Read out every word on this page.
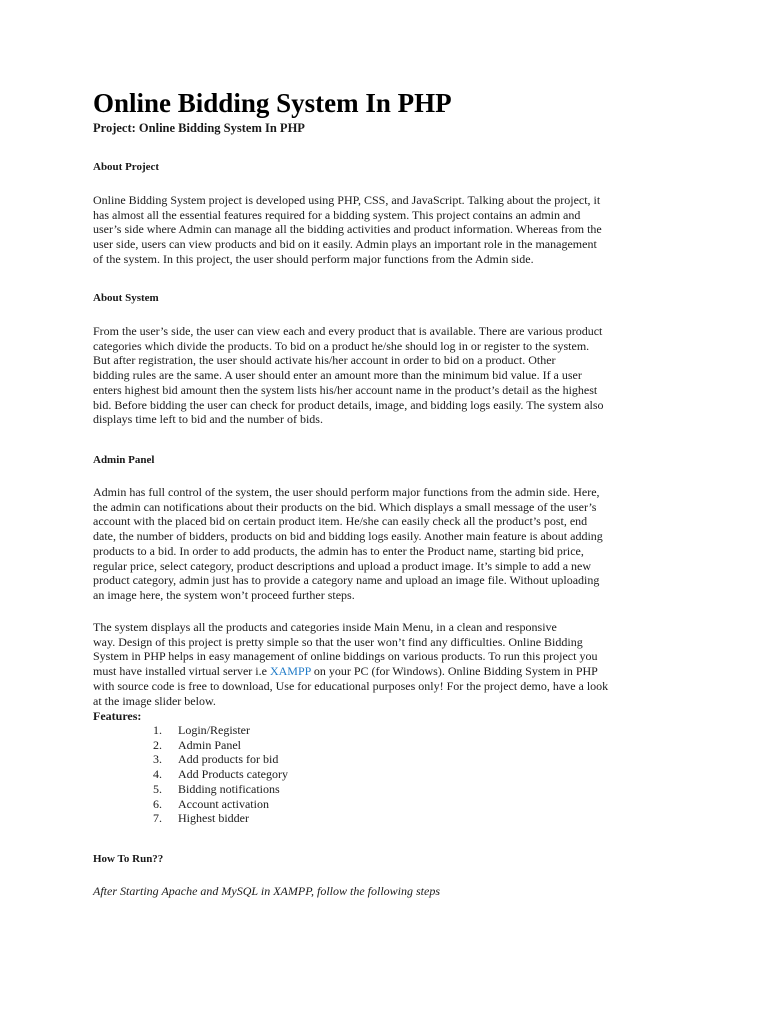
Online Bidding System In PHP
Project: Online Bidding System In PHP
About Project
Online Bidding System project is developed using PHP, CSS, and JavaScript. Talking about the project, it
has almost all the essential features required for a bidding system. This project contains an admin and
user’s side where Admin can manage all the bidding activities and product information. Whereas from the
user side, users can view products and bid on it easily. Admin plays an important role in the management
of the system. In this project, the user should perform major functions from the Admin side.
About System
From the user’s side, the user can view each and every product that is available. There are various product
categories which divide the products. To bid on a product he/she should log in or register to the system.
But after registration, the user should activate his/her account in order to bid on a product. Other
bidding rules are the same. A user should enter an amount more than the minimum bid value. If a user
enters highest bid amount then the system lists his/her account name in the product’s detail as the highest
bid. Before bidding the user can check for product details, image, and bidding logs easily. The system also
displays time left to bid and the number of bids.
Admin Panel
Admin has full control of the system, the user should perform major functions from the admin side. Here,
the admin can notifications about their products on the bid. Which displays a small message of the user’s
account with the placed bid on certain product item. He/she can easily check all the product’s post, end
date, the number of bidders, products on bid and bidding logs easily. Another main feature is about adding
products to a bid. In order to add products, the admin has to enter the Product name, starting bid price,
regular price, select category, product descriptions and upload a product image. It’s simple to add a new
product category, admin just has to provide a category name and upload an image file. Without uploading
an image here, the system won’t proceed further steps.
The system displays all the products and categories inside Main Menu, in a clean and responsive
way. Design of this project is pretty simple so that the user won’t find any difficulties. Online Bidding
System in PHP helps in easy management of online biddings on various products. To run this project you
must have installed virtual server i.e XAMPP on your PC (for Windows). Online Bidding System in PHP
with source code is free to download, Use for educational purposes only! For the project demo, have a look
at the image slider below.
Features:
1. Login/Register
2. Admin Panel
3. Add products for bid
4. Add Products category
5. Bidding notifications
6. Account activation
7. Highest bidder
How To Run??
After Starting Apache and MySQL in XAMPP, follow the following steps
